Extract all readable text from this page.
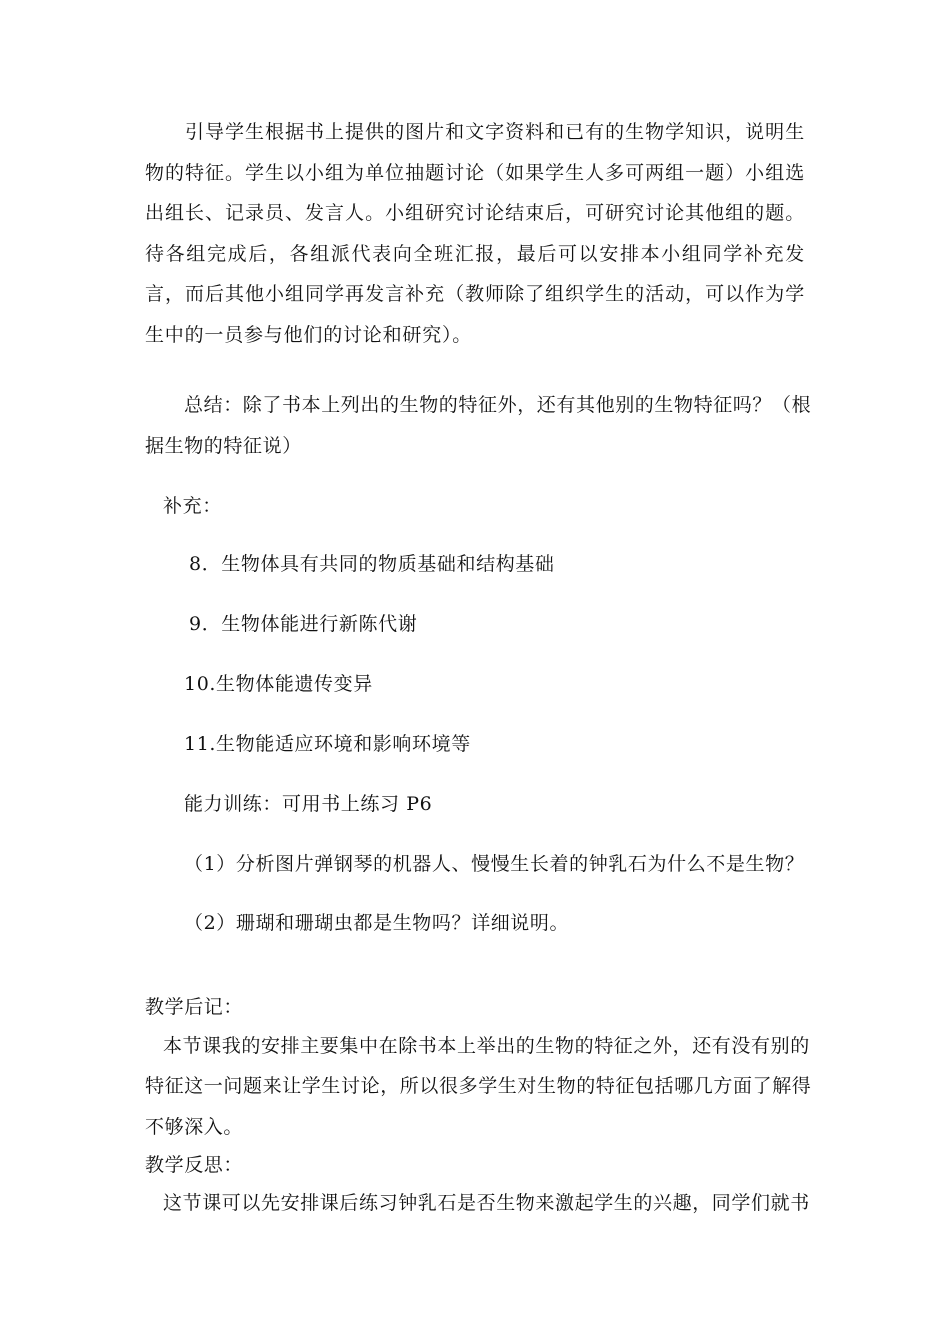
引导学生根据书上提供的图片和文字资料和已有的生物学知识，说明生物的特征。学生以小组为单位抽题讨论（如果学生人多可两组一题）小组选出组长、记录员、发言人。小组研究讨论结束后，可研究讨论其他组的题。待各组完成后，各组派代表向全班汇报，最后可以安排本小组同学补充发言，而后其他小组同学再发言补充（教师除了组织学生的活动，可以作为学生中的一员参与他们的讨论和研究）。

总结：除了书本上列出的生物的特征外，还有其他别的生物特征吗？（根
据生物的特征说）
补充：
8．生物体具有共同的物质基础和结构基础
9．生物体能进行新陈代谢
10.生物体能遗传变异
11.生物能适应环境和影响环境等
能力训练：可用书上练习 P6
（1）分析图片弹钢琴的机器人、慢慢生长着的钟乳石为什么不是生物？
（2）珊瑚和珊瑚虫都是生物吗？详细说明。
教学后记：
本节课我的安排主要集中在除书本上举出的生物的特征之外，还有没有别的
特征这一问题来让学生讨论，所以很多学生对生物的特征包括哪几方面了解得
不够深入。
教学反思：
这节课可以先安排课后练习钟乳石是否生物来激起学生的兴趣，同学们就书
